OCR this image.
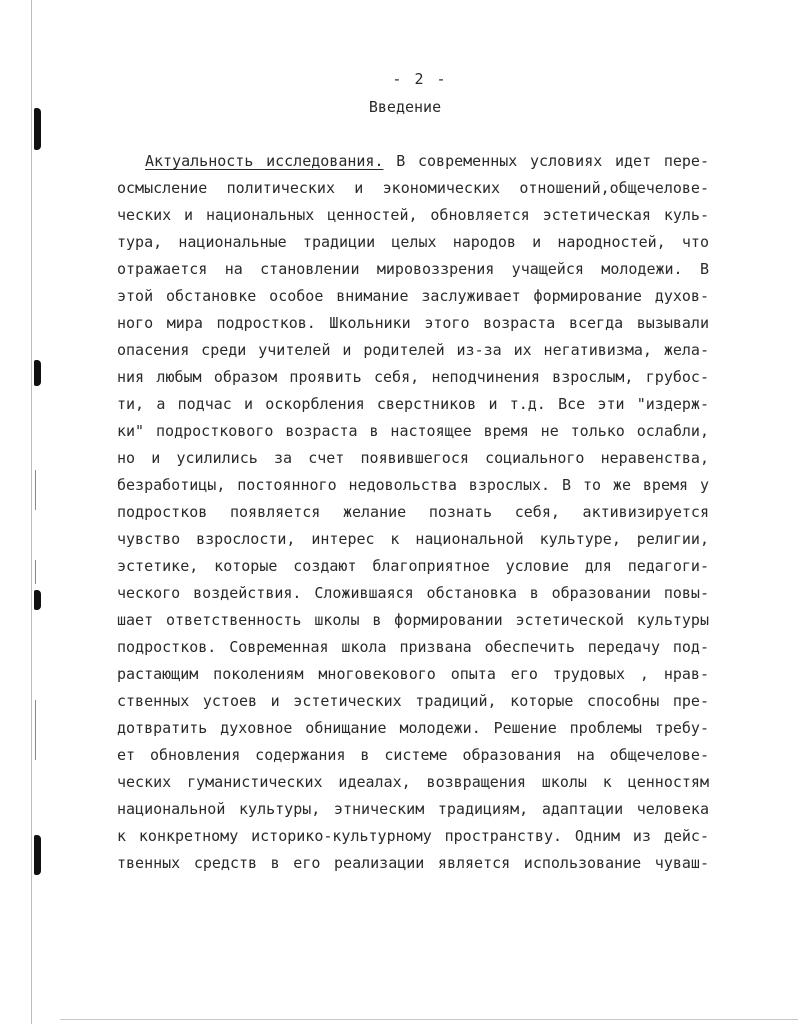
- 2 -
Введение
Актуальность исследования. В современных условиях идет пере-
осмысление политических и экономических отношений,общечелове-
ческих и национальных ценностей, обновляется эстетическая куль-
тура, национальные традиции целых народов и народностей, что
отражается на становлении мировоззрения учащейся молодежи. В
этой обстановке особое внимание заслуживает формирование духов-
ного мира подростков. Школьники этого возраста всегда вызывали
опасения среди учителей и родителей из-за их негативизма, жела-
ния любым образом проявить себя, неподчинения взрослым, грубос-
ти, а подчас и оскорбления сверстников и т.д. Все эти "издерж-
ки" подросткового возраста в настоящее время не только ослабли,
но и усилились за счет появившегося социального неравенства,
безработицы, постоянного недовольства взрослых. В то же время у
подростков появляется желание познать себя, активизируется
чувство взрослости, интерес к национальной культуре, религии,
эстетике, которые создают благоприятное условие для педагоги-
ческого воздействия. Сложившаяся обстановка в образовании повы-
шает ответственность школы в формировании эстетической культуры
подростков. Современная школа призвана обеспечить передачу под-
растающим поколениям многовекового опыта его трудовых , нрав-
ственных устоев и эстетических традиций, которые способны пре-
дотвратить духовное обнищание молодежи. Решение проблемы требу-
ет обновления содержания в системе образования на общечелове-
ческих гуманистических идеалах, возвращения школы к ценностям
национальной культуры, этническим традициям, адаптации человека
к конкретному историко-культурному пространству. Одним из дейс-
твенных средств в его реализации является использование чуваш-
